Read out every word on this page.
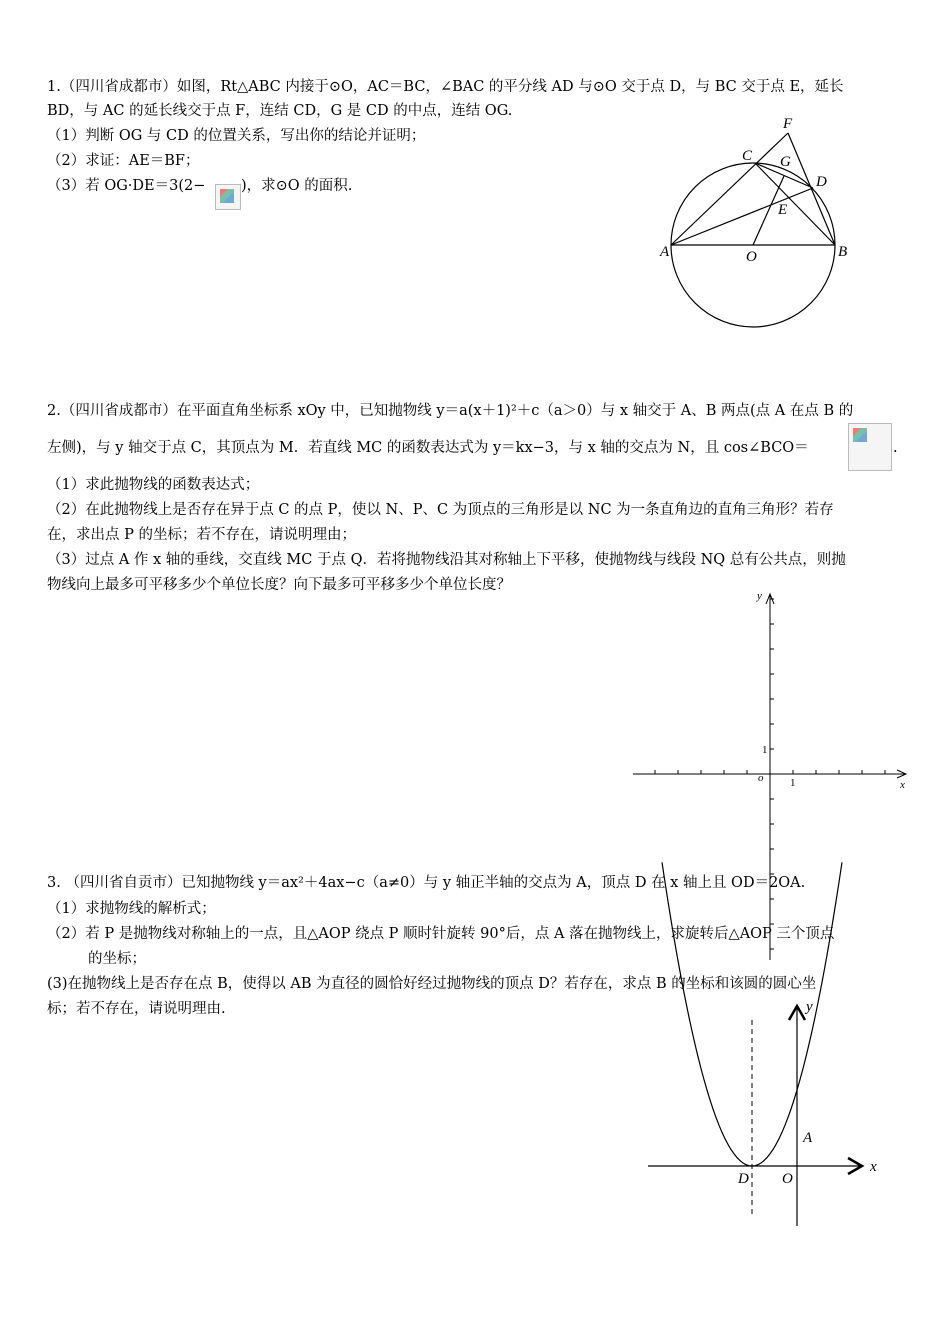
1.（四川省成都市）如图，Rt△ABC 内接于⊙O，AC＝BC，∠BAC 的平分线 AD 与⊙O 交于点 D，与 BC 交于点 E，延长
BD，与 AC 的延长线交于点 F，连结 CD，G 是 CD 的中点，连结 OG.
（1）判断 OG 与 CD 的位置关系，写出你的结论并证明；
（2）求证：AE＝BF；
（3）若 OG·DE＝3(2− )，求⊙O 的面积.
A	B
C
D
E
F
G
O
2.（四川省成都市）在平面直角坐标系 xOy 中，已知抛物线 y＝a(x＋1)²＋c（a＞0）与 x 轴交于 A、B 两点(点 A 在点 B 的
左侧)，与 y 轴交于点 C，其顶点为 M．若直线 MC 的函数表达式为 y＝kx−3，与 x 轴的交点为 N，且 cos∠BCO＝	.
（1）求此抛物线的函数表达式；
（2）在此抛物线上是否存在异于点 C 的点 P，使以 N、P、C 为顶点的三角形是以 NC 为一条直角边的直角三角形？若存
在，求出点 P 的坐标；若不存在，请说明理由；
（3）过点 A 作 x 轴的垂线，交直线 MC 于点 Q．若将抛物线沿其对称轴上下平移，使抛物线与线段 NQ 总有公共点，则抛
物线向上最多可平移多少个单位长度？向下最多可平移多少个单位长度？
x
y
o 1
1
3. （四川省自贡市）已知抛物线 y＝ax²＋4ax−c（a≠0）与 y 轴正半轴的交点为 A，顶点 D 在 x 轴上且 OD＝2OA.
（1）求抛物线的解析式；
（2）若 P 是抛物线对称轴上的一点，且△AOP 绕点 P 顺时针旋转 90°后，点 A 落在抛物线上，求旋转后△AOP 三个顶点
的坐标；
(3)在抛物线上是否存在点 B，使得以 AB 为直径的圆恰好经过抛物线的顶点 D？若存在，求点 B 的坐标和该圆的圆心坐
标；若不存在，请说明理由.
x
y
A
D O
